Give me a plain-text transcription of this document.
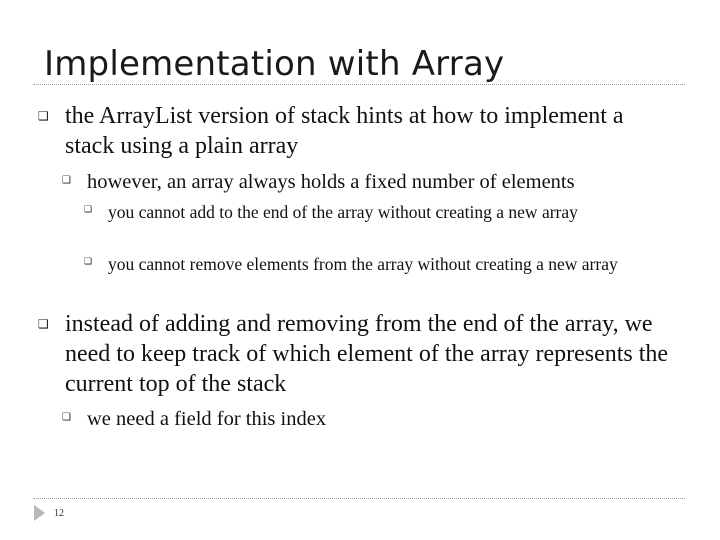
Implementation with Array
❑ the ArrayList version of stack hints at how to implement a stack using a plain array
❑ however, an array always holds a fixed number of elements
❑ you cannot add to the end of the array without creating a new array
❑ you cannot remove elements from the array without creating a new array
❑ instead of adding and removing from the end of the array, we need to keep track of which element of the array represents the current top of the stack
❑ we need a field for this index
12
